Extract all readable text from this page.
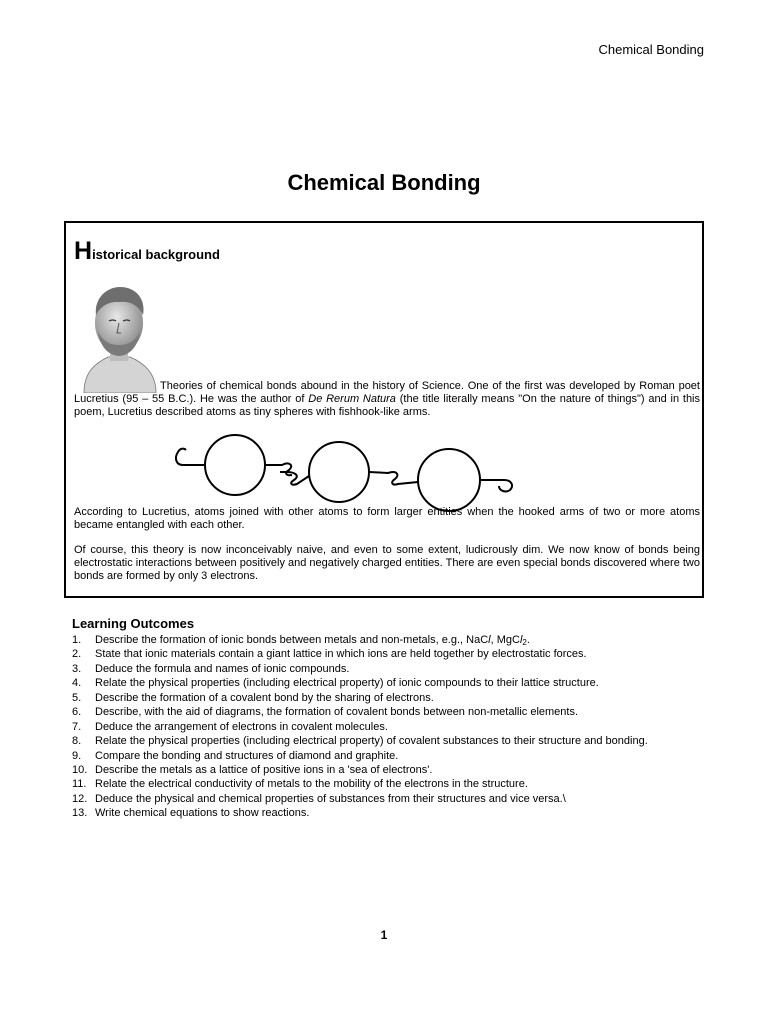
Chemical Bonding
Chemical Bonding
Historical background

Theories of chemical bonds abound in the history of Science. One of the first was developed by Roman poet Lucretius (95 – 55 B.C.). He was the author of De Rerum Natura (the title literally means "On the nature of things") and in this poem, Lucretius described atoms as tiny spheres with fishhook-like arms.

According to Lucretius, atoms joined with other atoms to form larger entities when the hooked arms of two or more atoms became entangled with each other.

Of course, this theory is now inconceivably naive, and even to some extent, ludicrously dim. We now know of bonds being electrostatic interactions between positively and negatively charged entities. There are even special bonds discovered where two bonds are formed by only 3 electrons.

Learning Outcomes
1.	Describe the formation of ionic bonds between metals and non-metals, e.g., NaCl, MgCl$_2$.
2.	State that ionic materials contain a giant lattice in which ions are held together by electrostatic forces.
3.	Deduce the formula and names of ionic compounds.
4.	Relate the physical properties (including electrical property) of ionic compounds to their lattice structure.
5.	Describe the formation of a covalent bond by the sharing of electrons.
6.	Describe, with the aid of diagrams, the formation of covalent bonds between non-metallic elements.
7.	Deduce the arrangement of electrons in covalent molecules.
8.	Relate the physical properties (including electrical property) of covalent substances to their structure and bonding.
9.	Compare the bonding and structures of diamond and graphite.
10. Describe the metals as a lattice of positive ions in a 'sea of electrons'.
11. Relate the electrical conductivity of metals to the mobility of the electrons in the structure.
12. Deduce the physical and chemical properties of substances from their structures and vice versa.\
13. Write chemical equations to show reactions.
1
